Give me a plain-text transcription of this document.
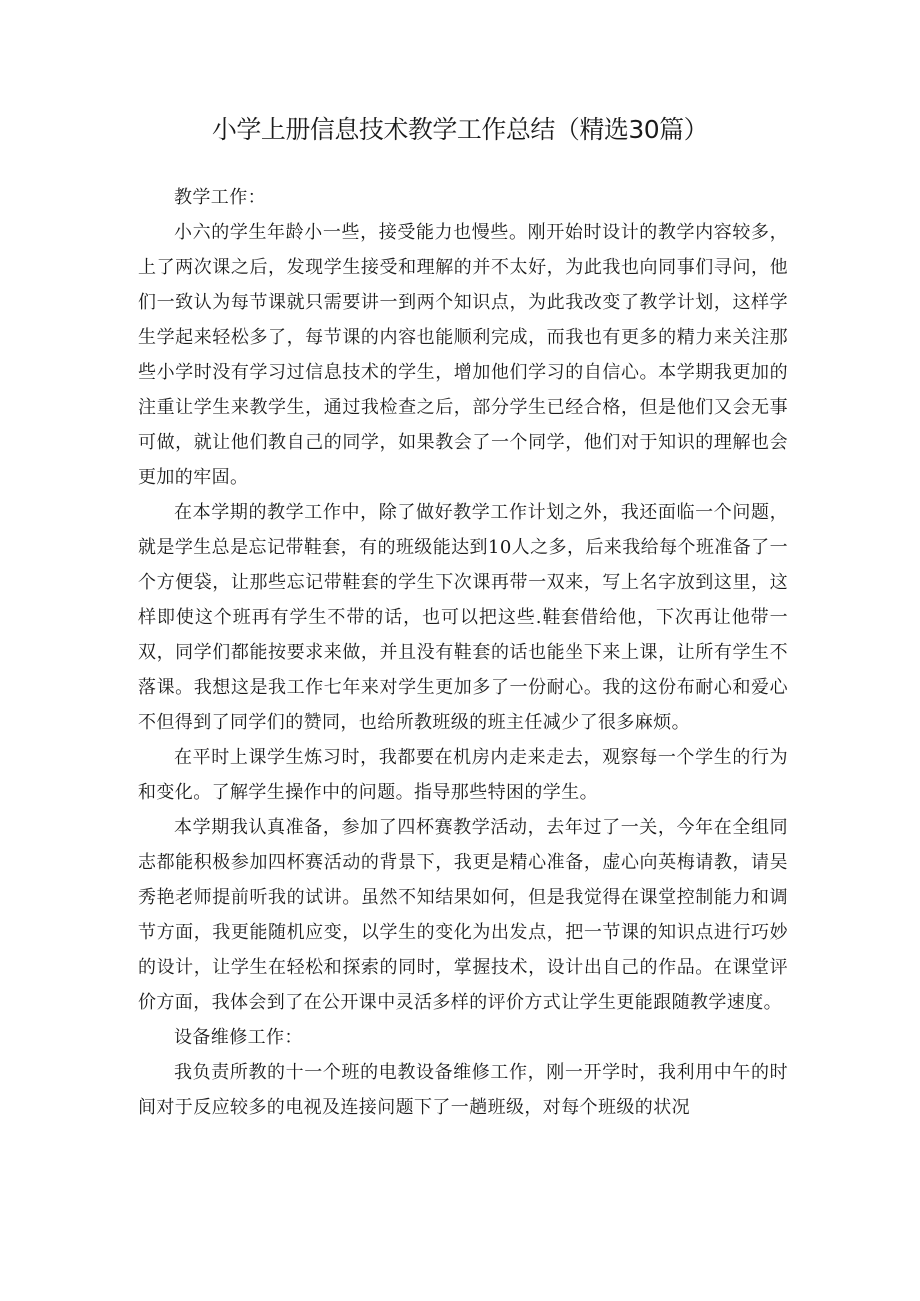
小学上册信息技术教学工作总结（精选30篇）

教学工作：

小六的学生年龄小一些，接受能力也慢些。刚开始时设计的教学内容较多，上了两次课之后，发现学生接受和理解的并不太好，为此我也向同事们寻问，他们一致认为每节课就只需要讲一到两个知识点，为此我改变了教学计划，这样学生学起来轻松多了，每节课的内容也能顺利完成，而我也有更多的精力来关注那些小学时没有学习过信息技术的学生，增加他们学习的自信心。本学期我更加的注重让学生来教学生，通过我检查之后，部分学生已经合格，但是他们又会无事可做，就让他们教自己的同学，如果教会了一个同学，他们对于知识的理解也会更加的牢固。

在本学期的教学工作中，除了做好教学工作计划之外，我还面临一个问题，就是学生总是忘记带鞋套，有的班级能达到10人之多，后来我给每个班准备了一个方便袋，让那些忘记带鞋套的学生下次课再带一双来，写上名字放到这里，这样即使这个班再有学生不带的话，也可以把这些.鞋套借给他，下次再让他带一双，同学们都能按要求来做，并且没有鞋套的话也能坐下来上课，让所有学生不落课。我想这是我工作七年来对学生更加多了一份耐心。我的这份布耐心和爱心不但得到了同学们的赞同，也给所教班级的班主任减少了很多麻烦。

在平时上课学生炼习时，我都要在机房内走来走去，观察每一个学生的行为和变化。了解学生操作中的问题。指导那些特困的学生。

本学期我认真准备，参加了四杯赛教学活动，去年过了一关，今年在全组同志都能积极参加四杯赛活动的背景下，我更是精心准备，虚心向英梅请教，请吴秀艳老师提前听我的试讲。虽然不知结果如何，但是我觉得在课堂控制能力和调节方面，我更能随机应变，以学生的变化为出发点，把一节课的知识点进行巧妙的设计，让学生在轻松和探索的同时，掌握技术，设计出自己的作品。在课堂评价方面，我体会到了在公开课中灵活多样的评价方式让学生更能跟随教学速度。

设备维修工作：

我负责所教的十一个班的电教设备维修工作，刚一开学时，我利用中午的时间对于反应较多的电视及连接问题下了一趟班级，对每个班级的状况
